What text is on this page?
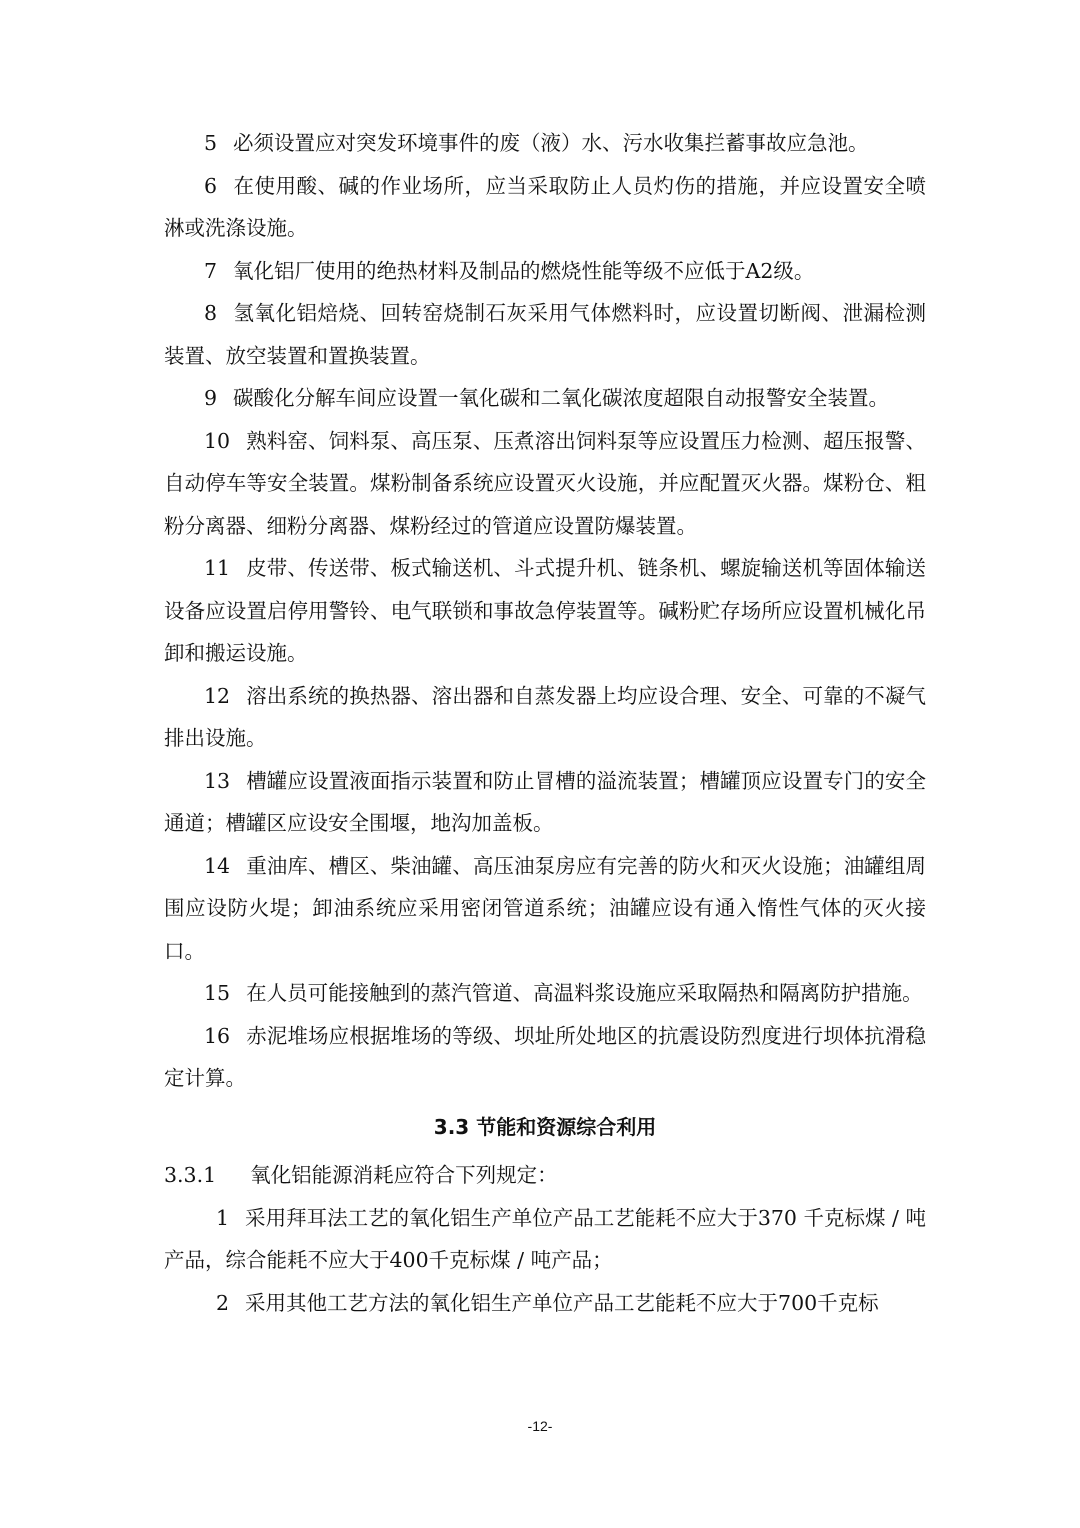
5 必须设置应对突发环境事件的废（液）水、污水收集拦蓄事故应急池。

6 在使用酸、碱的作业场所，应当采取防止人员灼伤的措施，并应设置安全喷淋或洗涤设施。

7 氧化铝厂使用的绝热材料及制品的燃烧性能等级不应低于A2级。

8 氢氧化铝焙烧、回转窑烧制石灰采用气体燃料时，应设置切断阀、泄漏检测装置、放空装置和置换装置。

9 碳酸化分解车间应设置一氧化碳和二氧化碳浓度超限自动报警安全装置。

10 熟料窑、饲料泵、高压泵、压煮溶出饲料泵等应设置压力检测、超压报警、自动停车等安全装置。煤粉制备系统应设置灭火设施，并应配置灭火器。煤粉仓、粗粉分离器、细粉分离器、煤粉经过的管道应设置防爆装置。

11 皮带、传送带、板式输送机、斗式提升机、链条机、螺旋输送机等固体输送设备应设置启停用警铃、电气联锁和事故急停装置等。碱粉贮存场所应设置机械化吊卸和搬运设施。

12 溶出系统的换热器、溶出器和自蒸发器上均应设合理、安全、可靠的不凝气排出设施。

13 槽罐应设置液面指示装置和防止冒槽的溢流装置；槽罐顶应设置专门的安全通道；槽罐区应设安全围堰，地沟加盖板。

14 重油库、槽区、柴油罐、高压油泵房应有完善的防火和灭火设施；油罐组周围应设防火堤；卸油系统应采用密闭管道系统；油罐应设有通入惰性气体的灭火接口。

15 在人员可能接触到的蒸汽管道、高温料浆设施应采取隔热和隔离防护措施。

16 赤泥堆场应根据堆场的等级、坝址所处地区的抗震设防烈度进行坝体抗滑稳定计算。

3.3 节能和资源综合利用

3.3.1 氧化铝能源消耗应符合下列规定：

1 采用拜耳法工艺的氧化铝生产单位产品工艺能耗不应大于370 千克标煤 / 吨产品，综合能耗不应大于400千克标煤 / 吨产品；

2 采用其他工艺方法的氧化铝生产单位产品工艺能耗不应大于700千克标

-12-
